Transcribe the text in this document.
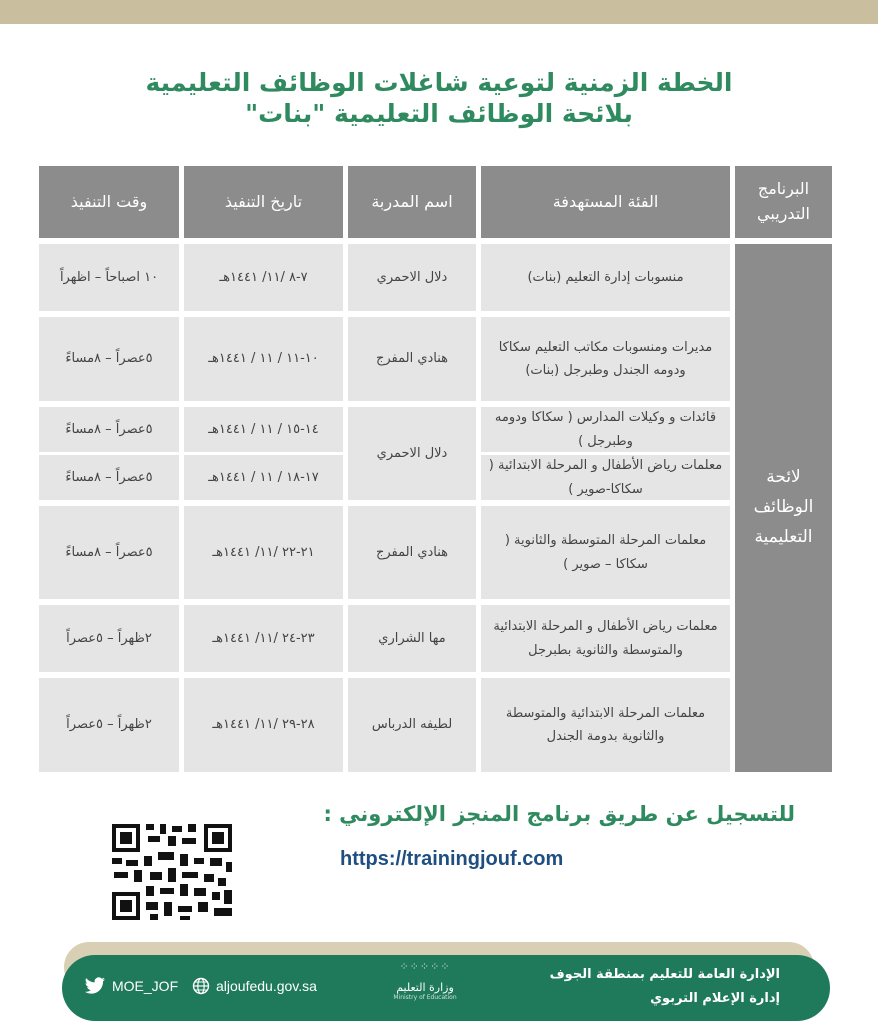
الخطة الزمنية لتوعية شاغلات الوظائف التعليمية
بلائحة الوظائف التعليمية "بنات"
البرنامج التدريبي
الفئة المستهدفة
اسم المدربة
تاريخ التنفيذ
وقت التنفيذ
لائحة الوظائف التعليمية
منسوبات إدارة التعليم (بنات)
دلال الاحمري
٧-٨ /١١/ ١٤٤١هـ
١٠ اصباحاً – اظهراً
مديرات ومنسوبات مكاتب التعليم سكاكا ودومه الجندل وطبرجل (بنات)
هنادي المفرج
١٠-١١ / ١١ / ١٤٤١هـ
٥عصراً – ٨مساءً
قائدات و وكيلات المدارس ( سكاكا ودومه وطبرجل )
معلمات رياض الأطفال و المرحلة الابتدائية ( سكاكا-صوير )
دلال الاحمري
١٤-١٥ / ١١ / ١٤٤١هـ
١٧-١٨ / ١١ / ١٤٤١هـ
٥عصراً – ٨مساءً
٥عصراً – ٨مساءً
معلمات المرحلة المتوسطة والثانوية ( سكاكا – صوير )
هنادي المفرج
٢١-٢٢ /١١/ ١٤٤١هـ
٥عصراً – ٨مساءً
معلمات رياض الأطفال و المرحلة الابتدائية والمتوسطة والثانوية بطبرجل
مها الشراري
٢٣-٢٤ /١١/ ١٤٤١هـ
٢ظهراً – ٥عصراً
معلمات المرحلة الابتدائية والمتوسطة والثانوية بدومة الجندل
لطيفه الدرباس
٢٨-٢٩ /١١/ ١٤٤١هـ
٢ظهراً – ٥عصراً
للتسجيل عن طريق برنامج المنجز الإلكتروني :
https://trainingjouf.com
الإدارة العامة للتعليم بمنطقة الجوف
إدارة الإعلام التربوي
⁘⁘⁘⁘⁘
وزارة التعليم
Ministry of Education
aljoufedu.gov.sa
MOE_JOF
